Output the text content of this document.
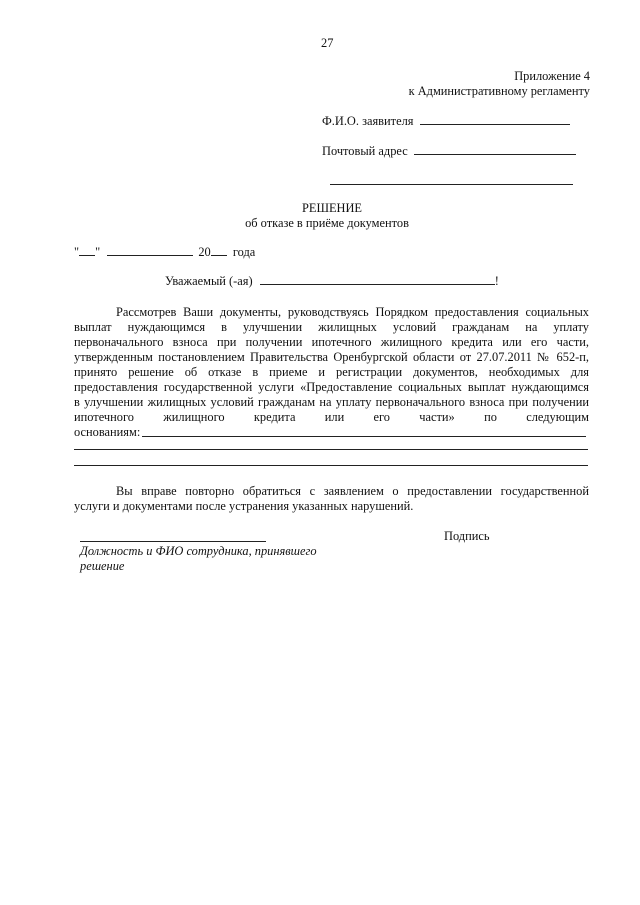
27
Приложение 4
к Административному регламенту
Ф.И.О. заявителя
Почтовый адрес
РЕШЕНИЕ
об отказе в приёме документов
" "	20 года
Уважаемый (-ая)	!
Рассмотрев Ваши документы, руководствуясь Порядком предоставления социальных
выплат нуждающимся в улучшении жилищных условий гражданам на уплату
первоначального взноса при получении ипотечного жилищного кредита или его части,
утвержденным постановлением Правительства Оренбургской области от 27.07.2011 № 652-п,
принято решение об отказе в приеме и регистрации документов, необходимых для
предоставления государственной услуги «Предоставление социальных выплат нуждающимся
в улучшении жилищных условий гражданам на уплату первоначального взноса при получении
ипотечного жилищного кредита или его части» по следующим
основаниям:
Вы вправе повторно обратиться с заявлением о предоставлении государственной
услуги и документами после устранения указанных нарушений.
Подпись
Должность и ФИО сотрудника, принявшего
решение
